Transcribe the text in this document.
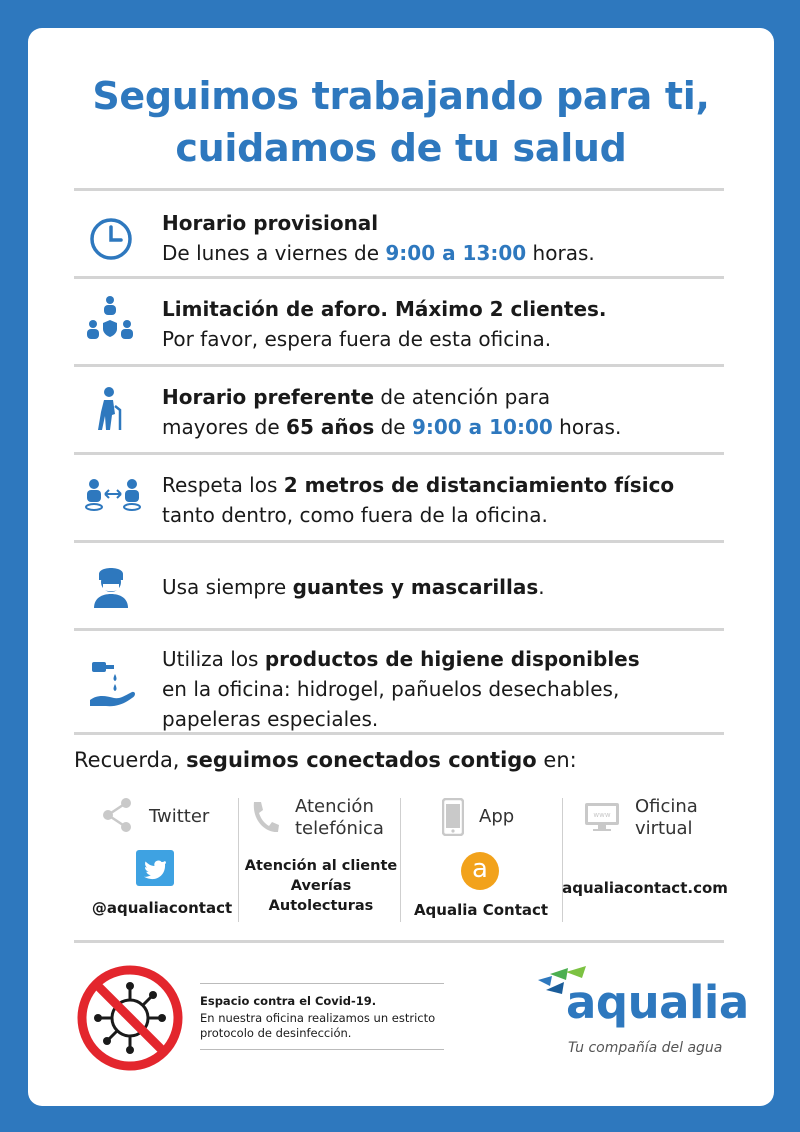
Seguimos trabajando para ti,
cuidamos de tu salud
Horario provisional
De lunes a viernes de 9:00 a 13:00 horas.
Limitación de aforo. Máximo 2 clientes.
Por favor, espera fuera de esta oficina.
Horario preferente de atención para
mayores de 65 años de 9:00 a 10:00 horas.
Respeta los 2 metros de distanciamiento físico
tanto dentro, como fuera de la oficina.
Usa siempre guantes y mascarillas.
Utiliza los productos de higiene disponibles
en la oficina: hidrogel, pañuelos desechables,
papeleras especiales.
Recuerda, seguimos conectados contigo en:
Twitter
@aqualiacontact
Atención
telefónica
Atención al cliente
Averías
Autolecturas
App
a
Aqualia Contact
www Oficina
virtual
aqualiacontact.com
Espacio contra el Covid-19.
En nuestra oficina realizamos un estricto
protocolo de desinfección.
aqualia
Tu compañía del agua
